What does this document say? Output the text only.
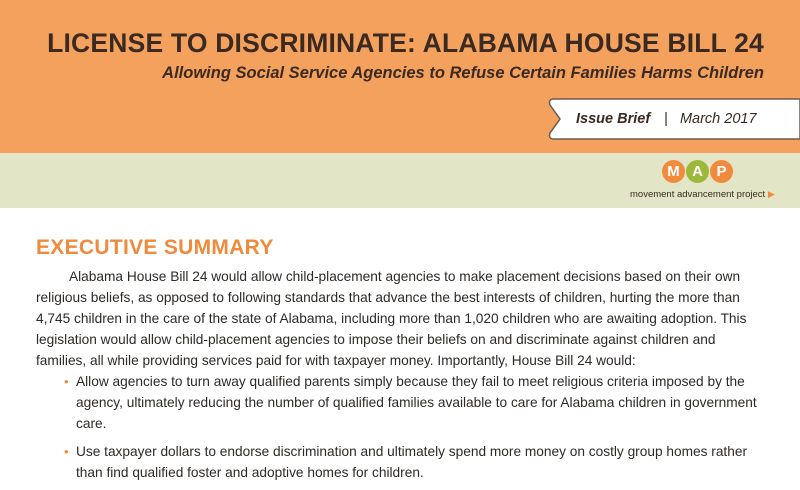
LICENSE TO DISCRIMINATE: ALABAMA HOUSE BILL 24
Allowing Social Service Agencies to Refuse Certain Families Harms Children
Issue Brief | March 2017
M A P
movement advancement project ▶
EXECUTIVE SUMMARY

Alabama House Bill 24 would allow child-placement agencies to make placement decisions based on their own religious beliefs, as opposed to following standards that advance the best interests of children, hurting the more than 4,745 children in the care of the state of Alabama, including more than 1,020 children who are awaiting adoption. This legislation would allow child-placement agencies to impose their beliefs on and discriminate against children and families, all while providing services paid for with taxpayer money. Importantly, House Bill 24 would:

• Allow agencies to turn away qualified parents simply because they fail to meet religious criteria imposed by the agency, ultimately reducing the number of qualified families available to care for Alabama children in government care.
• Use taxpayer dollars to endorse discrimination and ultimately spend more money on costly group homes rather than find qualified foster and adoptive homes for children.
